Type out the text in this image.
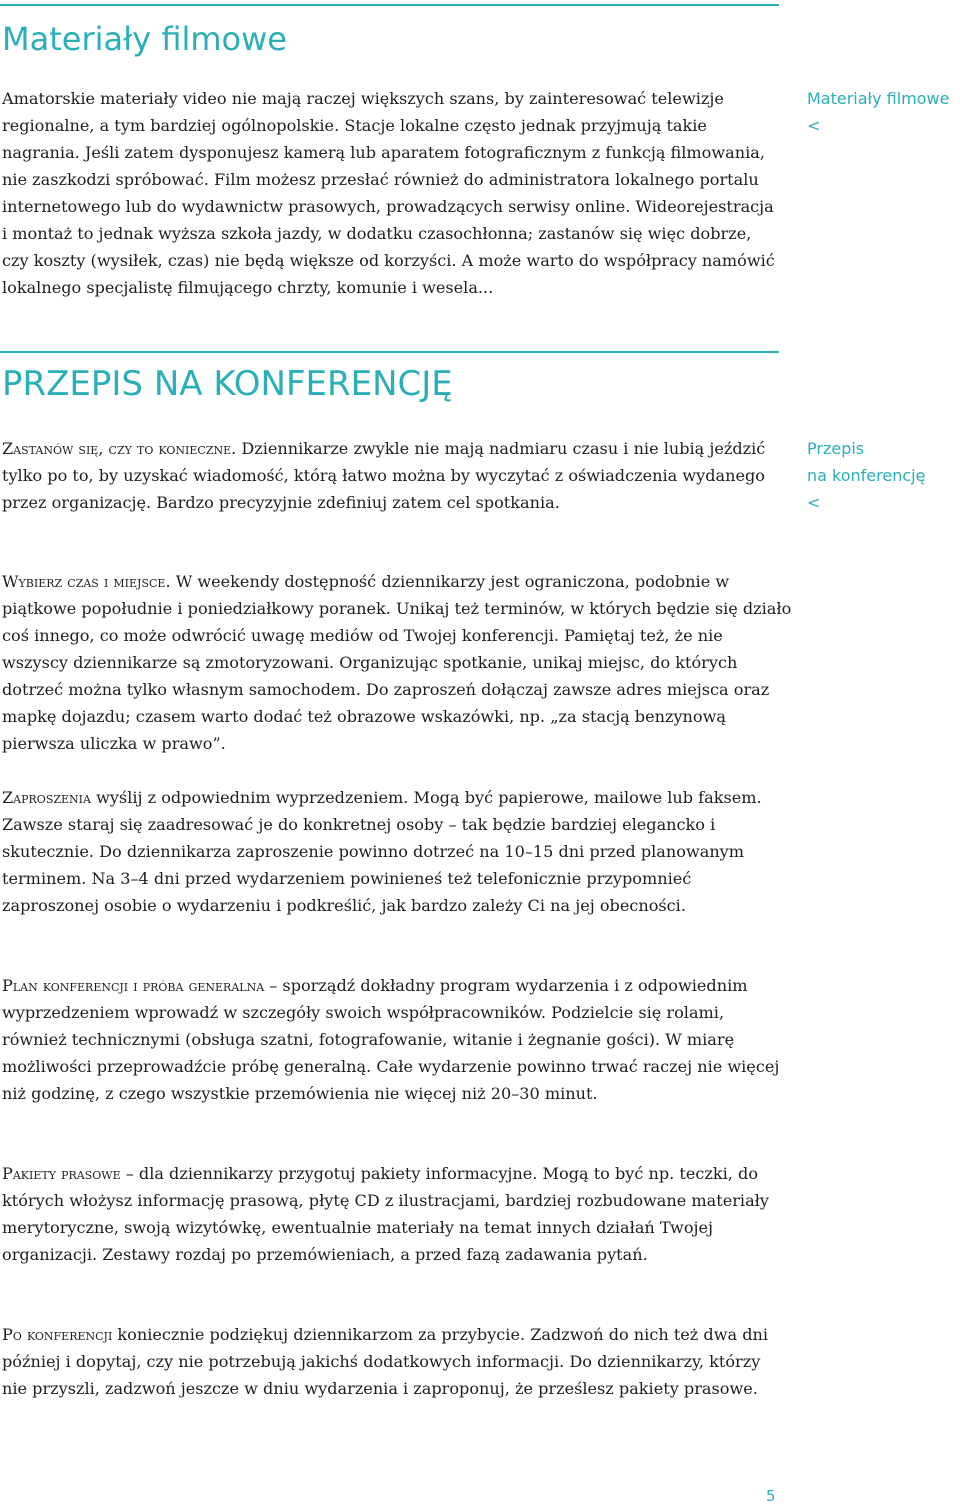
Materiały filmowe

Amatorskie materiały video nie mają raczej większych szans, by zainteresować telewizje regionalne, a tym bardziej ogólnopolskie. Stacje lokalne często jednak przyjmują takie nagrania. Jeśli zatem dysponujesz kamerą lub aparatem fotograficznym z funkcją filmowania, nie zaszkodzi spróbować. Film możesz przesłać również do administratora lokalnego portalu internetowego lub do wydawnictw prasowych, prowadzących serwisy online. Wideorejestracja i montaż to jednak wyższa szkoła jazdy, w dodatku czasochłonna; zastanów się więc dobrze, czy koszty (wysiłek, czas) nie będą większe od korzyści. A może warto do współpracy namówić lokalnego specjalistę filmującego chrzty, komunie i wesela...

Materiały filmowe
<
PRZEPIS NA KONFERENCJĘ

Zastanów się, czy to konieczne. Dziennikarze zwykle nie mają nadmiaru czasu i nie lubią jeździć tylko po to, by uzyskać wiadomość, którą łatwo można by wyczytać z oświadczenia wydanego przez organizację. Bardzo precyzyjnie zdefiniuj zatem cel spotkania.

Przepis
na konferencję
<

Wybierz czas i miejsce. W weekendy dostępność dziennikarzy jest ograniczona, podobnie w piątkowe popołudnie i poniedziałkowy poranek. Unikaj też terminów, w których będzie się działo coś innego, co może odwrócić uwagę mediów od Twojej konferencji. Pamiętaj też, że nie wszyscy dziennikarze są zmotoryzowani. Organizując spotkanie, unikaj miejsc, do których dotrzeć można tylko własnym samochodem. Do zaproszeń dołączaj zawsze adres miejsca oraz mapkę dojazdu; czasem warto dodać też obrazowe wskazówki, np. „za stacją benzynową pierwsza uliczka w prawo”.

Zaproszenia wyślij z odpowiednim wyprzedzeniem. Mogą być papierowe, mailowe lub faksem. Zawsze staraj się zaadresować je do konkretnej osoby – tak będzie bardziej elegancko i skutecznie. Do dziennikarza zaproszenie powinno dotrzeć na 10–15 dni przed planowanym terminem. Na 3–4 dni przed wydarzeniem powinieneś też telefonicznie przypomnieć zaproszonej osobie o wydarzeniu i podkreślić, jak bardzo zależy Ci na jej obecności.

Plan konferencji i próba generalna – sporządź dokładny program wydarzenia i z odpowiednim wyprzedzeniem wprowadź w szczegóły swoich współpracowników. Podzielcie się rolami, również technicznymi (obsługa szatni, fotografowanie, witanie i żegnanie gości). W miarę możliwości przeprowadźcie próbę generalną. Całe wydarzenie powinno trwać raczej nie więcej niż godzinę, z czego wszystkie przemówienia nie więcej niż 20–30 minut.

Pakiety prasowe – dla dziennikarzy przygotuj pakiety informacyjne. Mogą to być np. teczki, do których włożysz informację prasową, płytę CD z ilustracjami, bardziej rozbudowane materiały merytoryczne, swoją wizytówkę, ewentualnie materiały na temat innych działań Twojej organizacji. Zestawy rozdaj po przemówieniach, a przed fazą zadawania pytań.

Po konferencji koniecznie podziękuj dziennikarzom za przybycie. Zadzwoń do nich też dwa dni później i dopytaj, czy nie potrzebują jakichś dodatkowych informacji. Do dziennikarzy, którzy nie przyszli, zadzwoń jeszcze w dniu wydarzenia i zaproponuj, że prześlesz pakiety prasowe.

5
